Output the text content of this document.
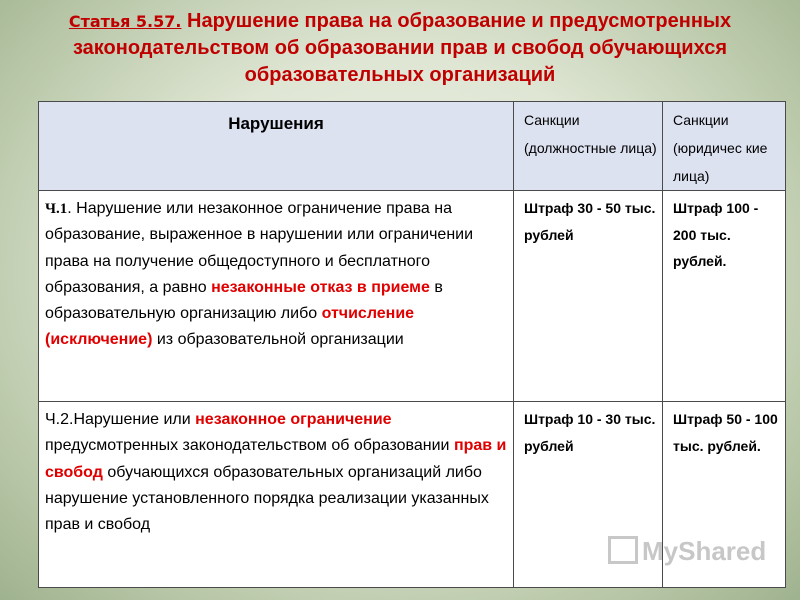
Статья 5.57. Нарушение права на образование и предусмотренных законодательством об образовании прав и свобод обучающихся образовательных организаций
Нарушения	Санкции (должностные лица)	Санкции (юридичес кие лица)
Ч.1. Нарушение или незаконное ограничение права на образование, выраженное в нарушении или ограничении права на получение общедоступного и бесплатного образования, а равно незаконные отказ в приеме в образовательную организацию либо отчисление (исключение) из образовательной организации	Штраф 30 - 50 тыс. рублей	Штраф 100 - 200 тыс. рублей.
Ч.2.Нарушение или незаконное ограничение предусмотренных законодательством об образовании прав и свобод обучающихся образовательных организаций либо нарушение установленного порядка реализации указанных прав и свобод	Штраф 10 - 30 тыс. рублей	Штраф 50 - 100 тыс. рублей.
MyShared
